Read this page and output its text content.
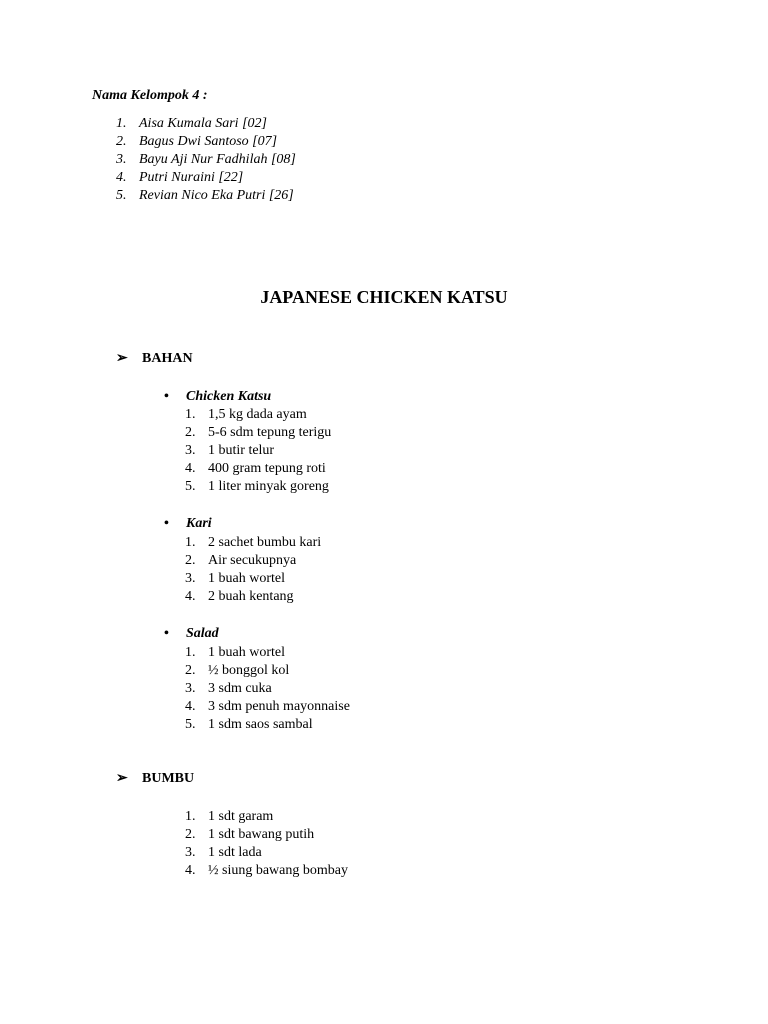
Nama Kelompok 4 :
1. Aisa Kumala Sari [02]
2. Bagus Dwi Santoso [07]
3. Bayu Aji Nur Fadhilah [08]
4. Putri Nuraini [22]
5. Revian Nico Eka Putri [26]
JAPANESE CHICKEN KATSU
➢ BAHAN
• Chicken Katsu
1. 1,5 kg dada ayam
2. 5-6 sdm tepung terigu
3. 1 butir telur
4. 400 gram tepung roti
5. 1 liter minyak goreng
• Kari
1. 2 sachet bumbu kari
2. Air secukupnya
3. 1 buah wortel
4. 2 buah kentang
• Salad
1. 1 buah wortel
2. ½ bonggol kol
3. 3 sdm cuka
4. 3 sdm penuh mayonnaise
5. 1 sdm saos sambal
➢ BUMBU
1. 1 sdt garam
2. 1 sdt bawang putih
3. 1 sdt lada
4. ½ siung bawang bombay
